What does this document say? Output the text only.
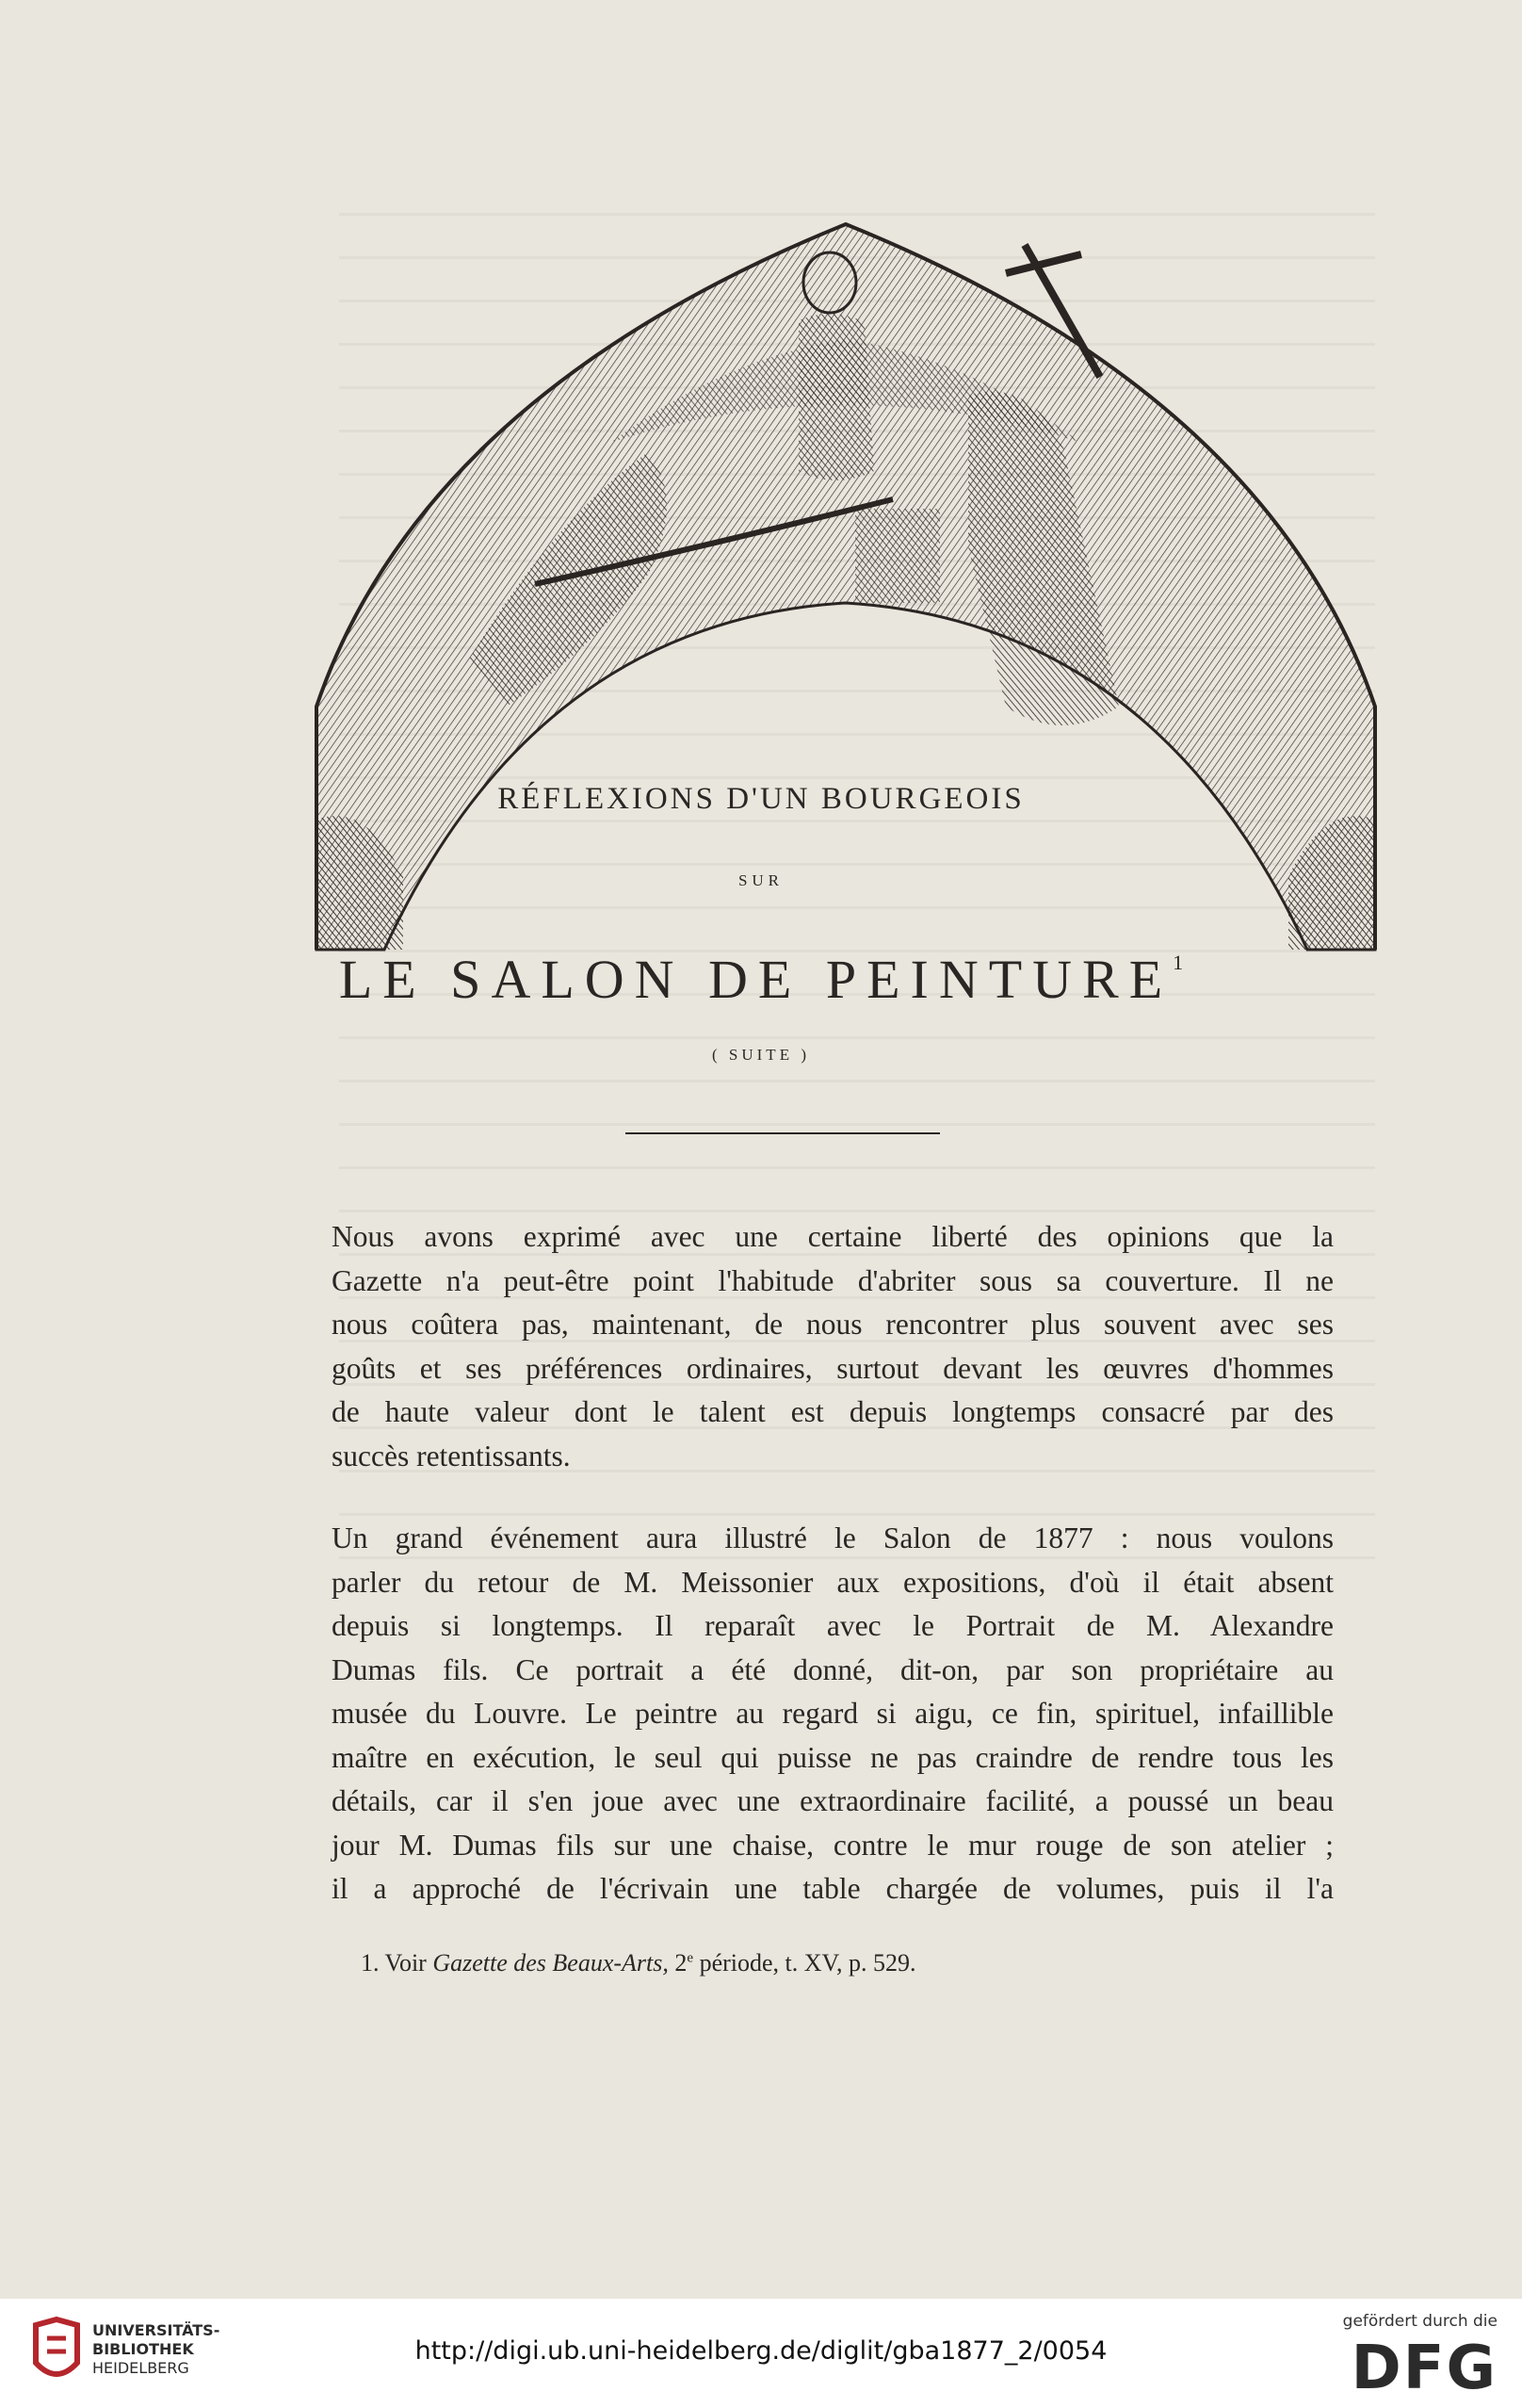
RÉFLEXIONS D'UN BOURGEOIS
SUR
LE SALON DE PEINTURE$^1$
( SUITE )
Nous avons exprimé avec une certaine liberté des opinions que la
Gazette n'a peut-être point l'habitude d'abriter sous sa couverture. Il ne
nous coûtera pas, maintenant, de nous rencontrer plus souvent avec ses
goûts et ses préférences ordinaires, surtout devant les œuvres d'hommes
de haute valeur dont le talent est depuis longtemps consacré par des
succès retentissants.
Un grand événement aura illustré le Salon de 1877 : nous voulons
parler du retour de M. Meissonier aux expositions, d'où il était absent
depuis si longtemps. Il reparaît avec le Portrait de M. Alexandre
Dumas fils. Ce portrait a été donné, dit-on, par son propriétaire au
musée du Louvre. Le peintre au regard si aigu, ce fin, spirituel, infaillible
maître en exécution, le seul qui puisse ne pas craindre de rendre tous les
détails, car il s'en joue avec une extraordinaire facilité, a poussé un beau
jour M. Dumas fils sur une chaise, contre le mur rouge de son atelier ;
il a approché de l'écrivain une table chargée de volumes, puis il l'a
1. Voir Gazette des Beaux-Arts, 2e période, t. XV, p. 529.
UNIVERSITÄTS-
BIBLIOTHEK
HEIDELBERG
http://digi.ub.uni-heidelberg.de/diglit/gba1877_2/0054
gefördert durch die
DFG
